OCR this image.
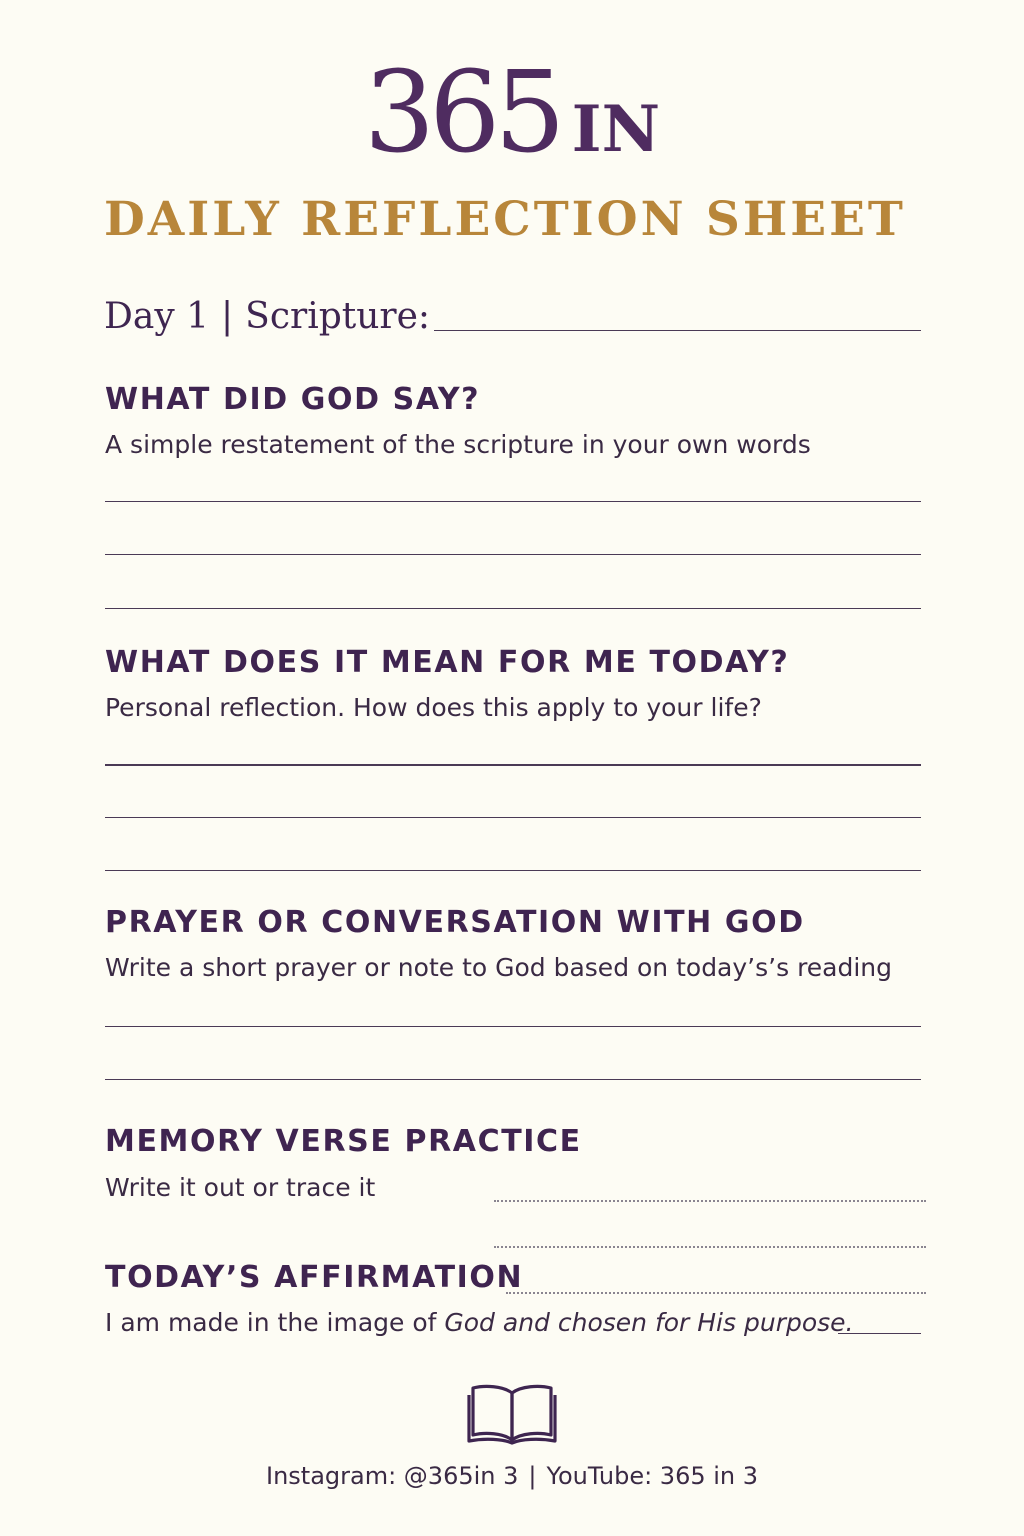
365 IN
DAILY REFLECTION SHEET
Day 1 | Scripture:
WHAT DID GOD SAY?
A simple restatement of the scripture in your own words
WHAT DOES IT MEAN FOR ME TODAY?
Personal reflection. How does this apply to your life?
PRAYER OR CONVERSATION WITH GOD
Write a short prayer or note to God based on today’s’s reading
MEMORY VERSE PRACTICE
Write it out or trace it
TODAY’S AFFIRMATION
I am made in the image of God and chosen for His purpose.
Instagram: @365in 3 | YouTube: 365 in 3
